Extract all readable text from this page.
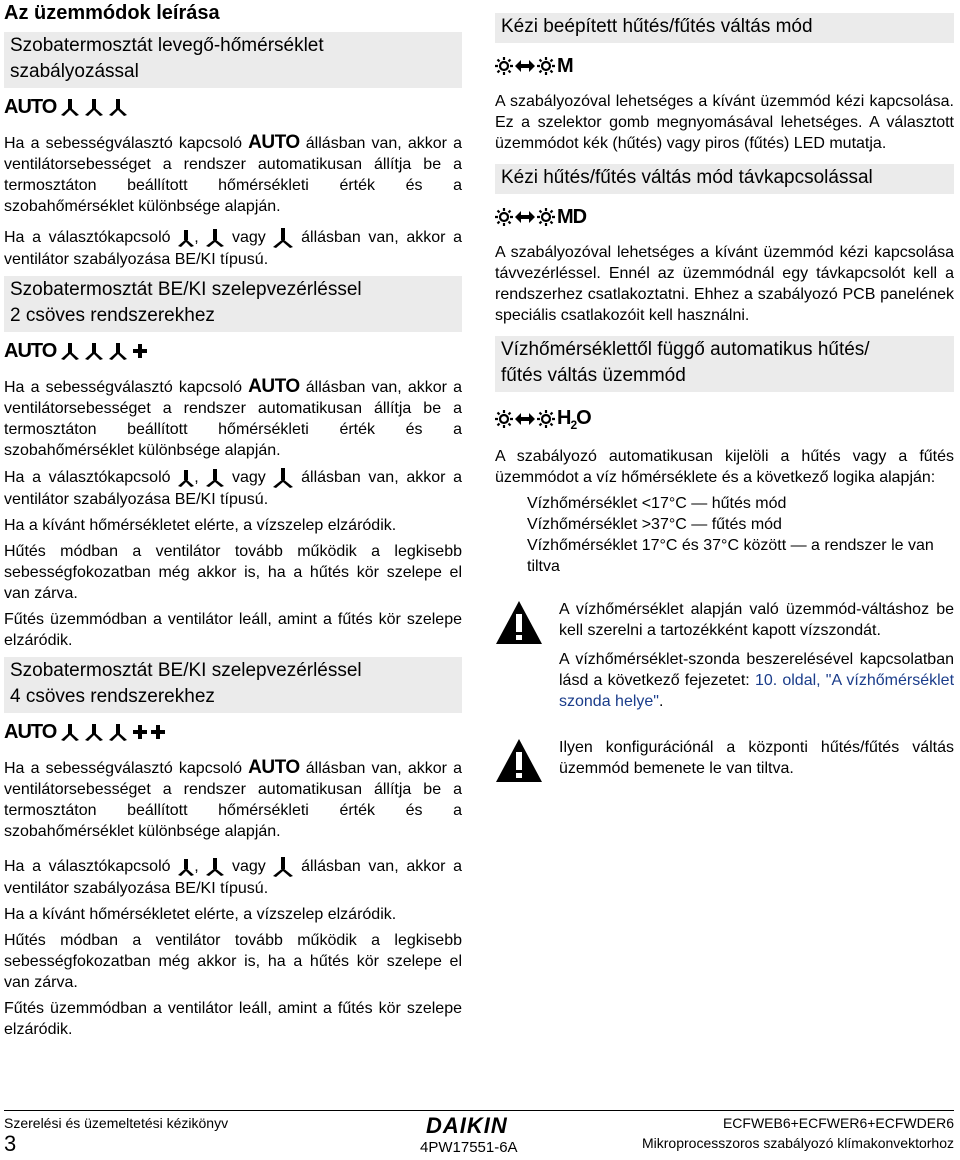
Az üzemmódok leírása
Szobatermosztát levegő-hőmérséklet
szabályozással
AUTO
Ha a sebességválasztó kapcsoló AUTO állásban van, akkor a ventilátorsebességet a rendszer automatikusan állítja be a termosztáton beállított hőmérsékleti érték és a szobahőmérséklet különbsége alapján.
Ha a választókapcsoló , vagy állásban van, akkor a ventilátor szabályozása BE/KI típusú.
Szobatermosztát BE/KI szelepvezérléssel
2 csöves rendszerekhez
AUTO
Ha a sebességválasztó kapcsoló AUTO állásban van, akkor a ventilátorsebességet a rendszer automatikusan állítja be a termosztáton beállított hőmérsékleti érték és a szobahőmérséklet különbsége alapján.
Ha a választókapcsoló , vagy állásban van, akkor a ventilátor szabályozása BE/KI típusú.
Ha a kívánt hőmérsékletet elérte, a vízszelep elzáródik.
Hűtés módban a ventilátor tovább működik a legkisebb sebességfokozatban még akkor is, ha a hűtés kör szelepe el van zárva.
Fűtés üzemmódban a ventilátor leáll, amint a fűtés kör szelepe elzáródik.
Szobatermosztát BE/KI szelepvezérléssel
4 csöves rendszerekhez
AUTO
Ha a sebességválasztó kapcsoló AUTO állásban van, akkor a ventilátorsebességet a rendszer automatikusan állítja be a termosztáton beállított hőmérsékleti érték és a szobahőmérséklet különbsége alapján.
Ha a választókapcsoló , vagy állásban van, akkor a ventilátor szabályozása BE/KI típusú.
Ha a kívánt hőmérsékletet elérte, a vízszelep elzáródik.
Hűtés módban a ventilátor tovább működik a legkisebb sebességfokozatban még akkor is, ha a hűtés kör szelepe el van zárva.
Fűtés üzemmódban a ventilátor leáll, amint a fűtés kör szelepe elzáródik.
Kézi beépített hűtés/fűtés váltás mód
M
A szabályozóval lehetséges a kívánt üzemmód kézi kapcsolása. Ez a szelektor gomb megnyomásával lehetséges. A választott üzemmódot kék (hűtés) vagy piros (fűtés) LED mutatja.
Kézi hűtés/fűtés váltás mód távkapcsolással
MD
A szabályozóval lehetséges a kívánt üzemmód kézi kapcsolása távvezérléssel. Ennél az üzemmódnál egy távkapcsolót kell a rendszerhez csatlakoztatni. Ehhez a szabályozó PCB panelének speciális csatlakozóit kell használni.
Vízhőmérséklettől függő automatikus hűtés/
fűtés váltás üzemmód
$H_2O$
A szabályozó automatikusan kijelöli a hűtés vagy a fűtés üzemmódot a víz hőmérséklete és a következő logika alapján:

Vízhőmérséklet <17°C — hűtés mód

Vízhőmérséklet >37°C — fűtés mód

Vízhőmérséklet 17°C és 37°C között — a rendszer le van tiltva

A vízhőmérséklet alapján való üzemmód-váltáshoz be kell szerelni a tartozékként kapott vízszondát.
A vízhőmérséklet-szonda beszerelésével kapcsolatban lásd a következő fejezetet: 10. oldal, "A vízhőmérséklet szonda helye".
Ilyen konfigurációnál a központi hűtés/fűtés váltás üzemmód bemenete le van tiltva.
Szerelési és üzemeltetési kézikönyv
3
DAIKIN
4PW17551-6A
ECFWEB6+ECFWER6+ECFWDER6
Mikroprocesszoros szabályozó klímakonvektorhoz
